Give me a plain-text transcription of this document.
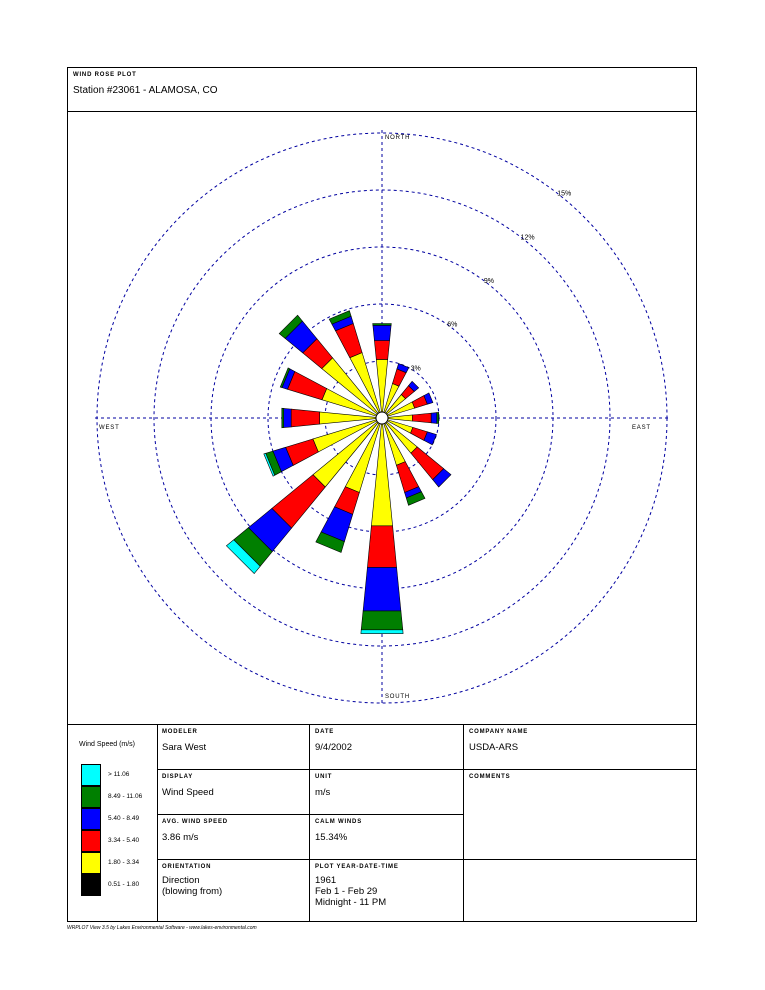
WIND ROSE PLOT
Station #23061 - ALAMOSA, CO
NORTH
SOUTH
EAST
WEST
3%
6%
9%
12%
15%
Wind Speed (m/s)
> 11.06
8.49 - 11.06
5.40 - 8.49
3.34 - 5.40
1.80 - 3.34
0.51 - 1.80
MODELER
Sara West
DATE
9/4/2002
COMPANY NAME
USDA-ARS
DISPLAY
Wind Speed
UNIT
m/s
COMMENTS
AVG. WIND SPEED
3.86 m/s
CALM WINDS
15.34%
ORIENTATION
Direction
(blowing from)
PLOT YEAR-DATE-TIME
1961
Feb 1 - Feb 29
Midnight - 11 PM
WRPLOT View 3.5 by Lakes Environmental Software - www.lakes-environmental.com
